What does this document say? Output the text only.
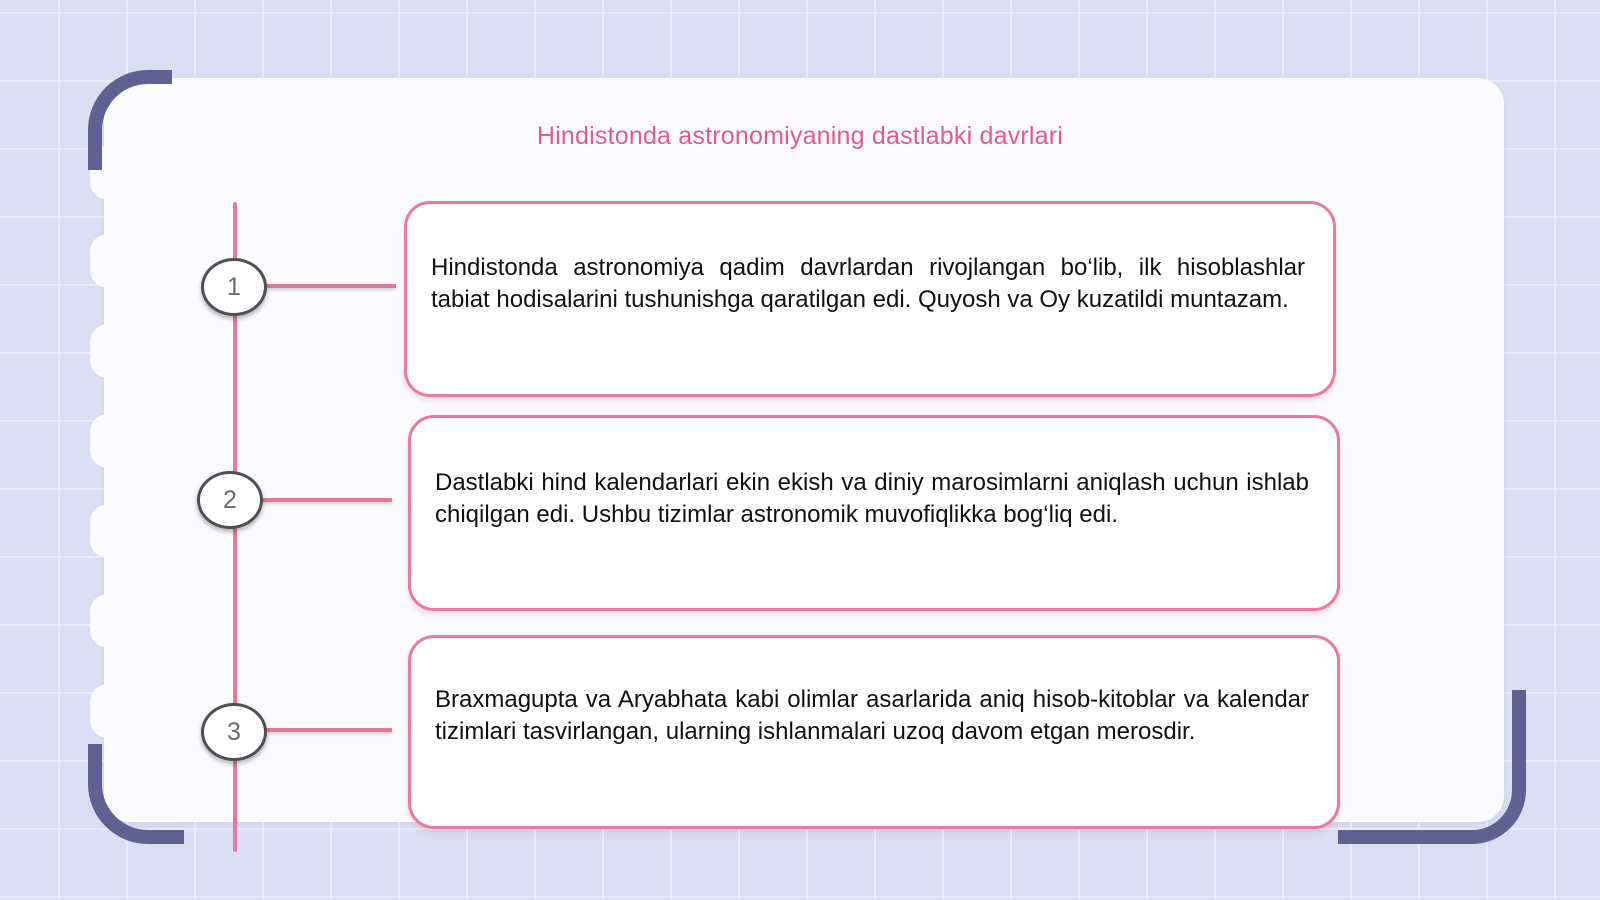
Hindistonda astronomiyaning dastlabki davrlari
1
Hindistonda astronomiya qadim davrlardan rivojlangan bo‘lib, ilk hisoblashlar tabiat hodisalarini tushunishga qaratilgan edi. Quyosh va Oy kuzatildi muntazam.
2
Dastlabki hind kalendarlari ekin ekish va diniy marosimlarni aniqlash uchun ishlab chiqilgan edi. Ushbu tizimlar astronomik muvofiqlikka bog‘liq edi.
3
Braxmagupta va Aryabhata kabi olimlar asarlarida aniq hisob-kitoblar va kalendar tizimlari tasvirlangan, ularning ishlanmalari uzoq davom etgan merosdir.
